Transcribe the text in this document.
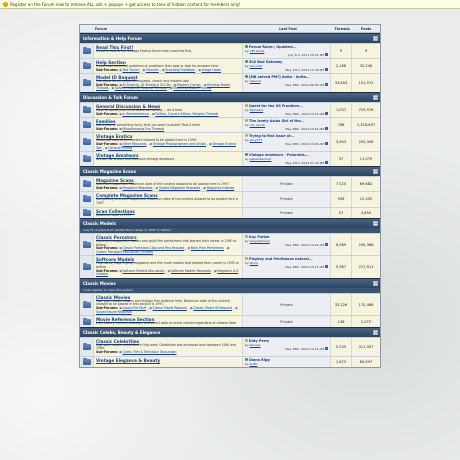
! Register on the Forum now to remove ALL ads + popups + get access to tons of hidden content for members only!
Forum	Last Post	Threads	Posts
Information & Help Forum	−
Read This First!
If you're new to the Vintage Erotica Forum then read this first.
Forum Rules / Updated...
by VEF Rules
July 3rd, 2011 10:21 PM
9	9
Help Section
If you have technical problems or questions then post or look for answers here.
Sub-Forums: ▣ Test Forum, ▣ Tutorials, ▣ Scanning Feedback, ▣ Image Hosts
502 Bad Gateway
by durrin15
May 27th, 2024 12:18 PM
2,168	32,248
Model ID Request
The place for all model ID requests, classic and modern day.
Sub-Forums: ▣ ID Projects, ID Sheets & ID CDs, ▣ Mystery Corner, ▣ Pending Model Threads, ▣ Solved Model ID Request Threads, ▣ Mixed-Up Model Threads
[MB solved PM?] Anita - Anita...
by deesnd
May 28th, 2024 09:56 AM
33,853	151,572
Discussion & Talk Forum	−
General Discussion & News
Have to speak your mind about something ... do it here.
Sub-Forums: ▣ In Remembrance, ▣ Politics, Current Affairs, Religion Threads
Quest for the US Frontiers...
by Remeber
May 28th, 2024 10:12 AM
1,037	720,976
Families
Got a joke or something funny that you want to share? Post it here!
Sub-Forums: ▣ Miscellaneous Fun Threads
The lovely Asian Girl of the...
by olly verdin
May 28th, 2024 10:44 AM
768	1,318,637
Vintage Erotica
Maximum date of the content allowed to be posted here is 1999.
Sub-Forums: ▣ Other Requests, ▣ Vintage Photographers and Artists, ▣ Vintage Erotica Talk, ▣ General Erotica
Trying to find issue of...
by Jerry177
May 28th, 2024 10:46 AM
3,903	250,308
Vintage Amateurs
Section for known and unknown vintage amateurs
Vintage amateurs - Polaroids...
by papertearitout
May 27th, 2024 07:44 PM
37	11,079
Classic Magazine Scans	−
Magazine Scans
Scanned magazines. Maximum date of the content allowed to be posted here is 1997.
Sub-Forums: ▣ Magazine Requests, ▣ Solved Magazine Requests, ▣ Magazine Indexes
Private	7,520	69,682
Complete Magazine Scans
Completely scanned magazines. Maximum date of the content allowed to be posted here is 1997.
Private	936	12,355
Scan Collections
Maximum date is 1997	Private	57	3,850
Classic Models	−
only for models that started their career in 1995 or before.
Classic Pornstars
Hardcore (magazine) models and adult film performers that started their career in 1990 or before.
Sub-Forums: ▣ Classic Pornstars Clips and Pics Request, ▣ Male Porn Performers, ▣ Classic Pornstars Discussion Threads
Kay Parker
by Greyeekhead
May 28th, 2024 10:24 AM	6,069	245,366
Softcore Models
Playmates, Page 3 girls, magazine and film nude models that started their career in 1995 or before.
Sub-Forums: ▣ Softcore Models Discussion, ▣ Softcore Models Requests, ▣ Magazine A-Z Indexes
Playboy and Penthouse natural...
by bkum
May 28th, 2024 10:13 AM	9,387	217,911
Classic Movies	−
must register to view this section.
Classic Movies
Post your classic movies and vintage film material here. Maximum date of the content allowed to be posted in this section is 1997.
Sub-Forums: ▣ Loops/Old Stuff, ▣ Classic Movie Request, ▣ Classic Movie ID Request, ▣ Solved Movie Requests
Private	33,326	170,486
Movie Reference Section
Info, history, covers, catalogs, and useful data on erotic movies regardless of release date.	Private	138	2,072
Classic Celebs, Beauty & Elegance	−
Classic Celebrities
Post your classic celebrities in this area! Celebrities and actresses born between 1940 and 1984.
Sub-Forums: ▣ Celeb, Film & Television Discussion
Katy Perry
by Koneas
May 28th, 2024 10:12 AM
5,235	311,007
Vintage Elegance & Beauty	Diana Rigg
by buffo	1,675	84,997
